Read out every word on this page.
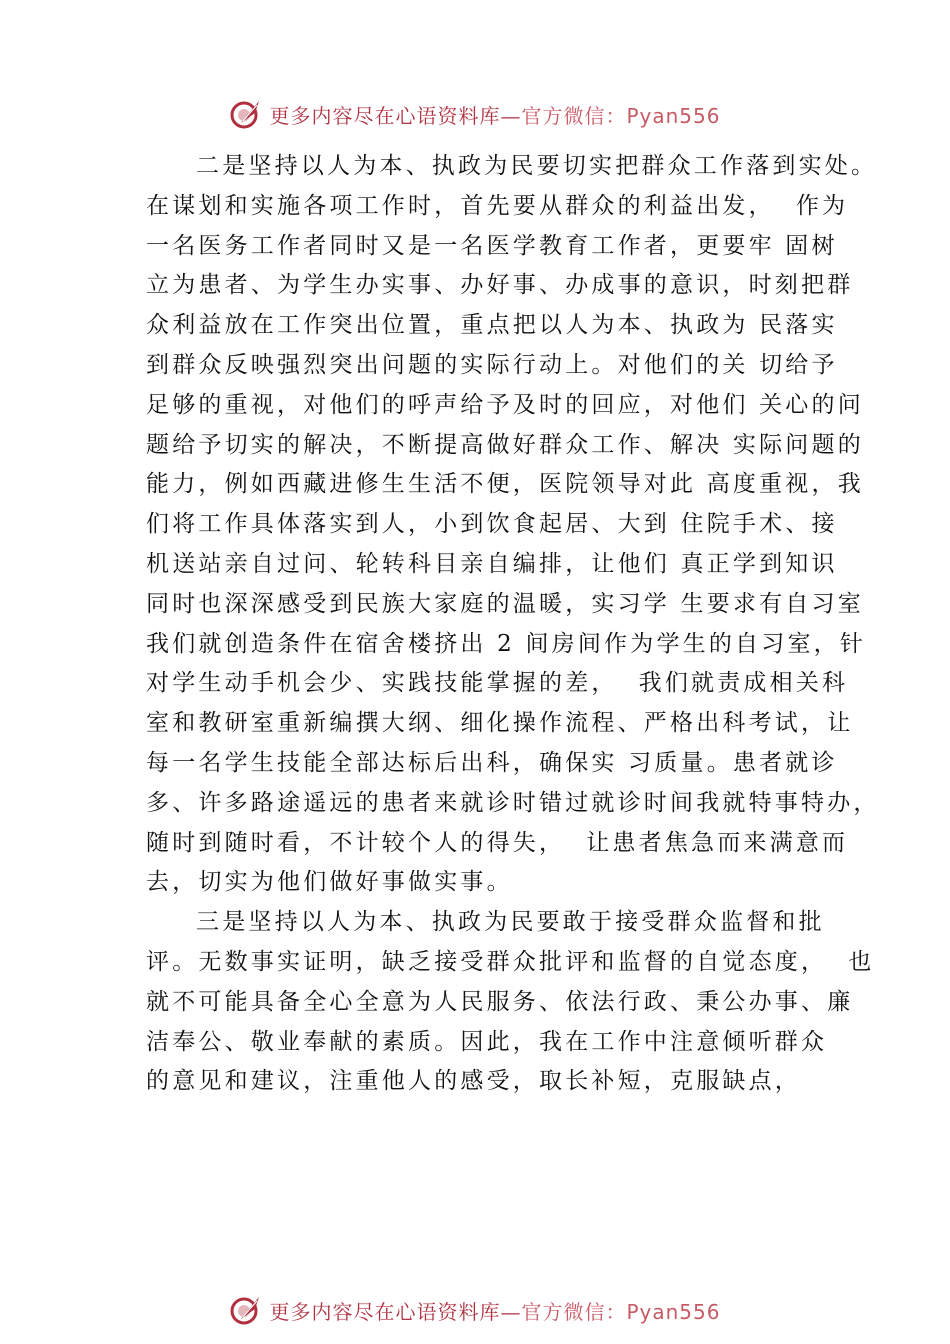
更多内容尽在心语资料库—官方微信：Pyan556
二是坚持以人为本、执政为民要切实把群众工作落到实处。
在谋划和实施各项工作时，首先要从群众的利益出发，  作为
一名医务工作者同时又是一名医学教育工作者，更要牢 固树
立为患者、为学生办实事、办好事、办成事的意识，时刻把群
众利益放在工作突出位置，重点把以人为本、执政为 民落实
到群众反映强烈突出问题的实际行动上。对他们的关 切给予
足够的重视，对他们的呼声给予及时的回应，对他们 关心的问
题给予切实的解决，不断提高做好群众工作、解决 实际问题的
能力，例如西藏进修生生活不便，医院领导对此 高度重视，我
们将工作具体落实到人，小到饮食起居、大到 住院手术、接
机送站亲自过问、轮转科目亲自编排，让他们 真正学到知识
同时也深深感受到民族大家庭的温暖，实习学 生要求有自习室
我们就创造条件在宿舍楼挤出 2 间房间作为学生的自习室，针
对学生动手机会少、实践技能掌握的差，  我们就责成相关科
室和教研室重新编撰大纲、细化操作流程、严格出科考试，让
每一名学生技能全部达标后出科，确保实 习质量。患者就诊
多、许多路途遥远的患者来就诊时错过就诊时间我就特事特办，
随时到随时看，不计较个人的得失，  让患者焦急而来满意而
去，切实为他们做好事做实事。
三是坚持以人为本、执政为民要敢于接受群众监督和批
评。无数事实证明，缺乏接受群众批评和监督的自觉态度，  也
就不可能具备全心全意为人民服务、依法行政、秉公办事、廉
洁奉公、敬业奉献的素质。因此，我在工作中注意倾听群众
的意见和建议，注重他人的感受，取长补短，克服缺点，
更多内容尽在心语资料库—官方微信：Pyan556
